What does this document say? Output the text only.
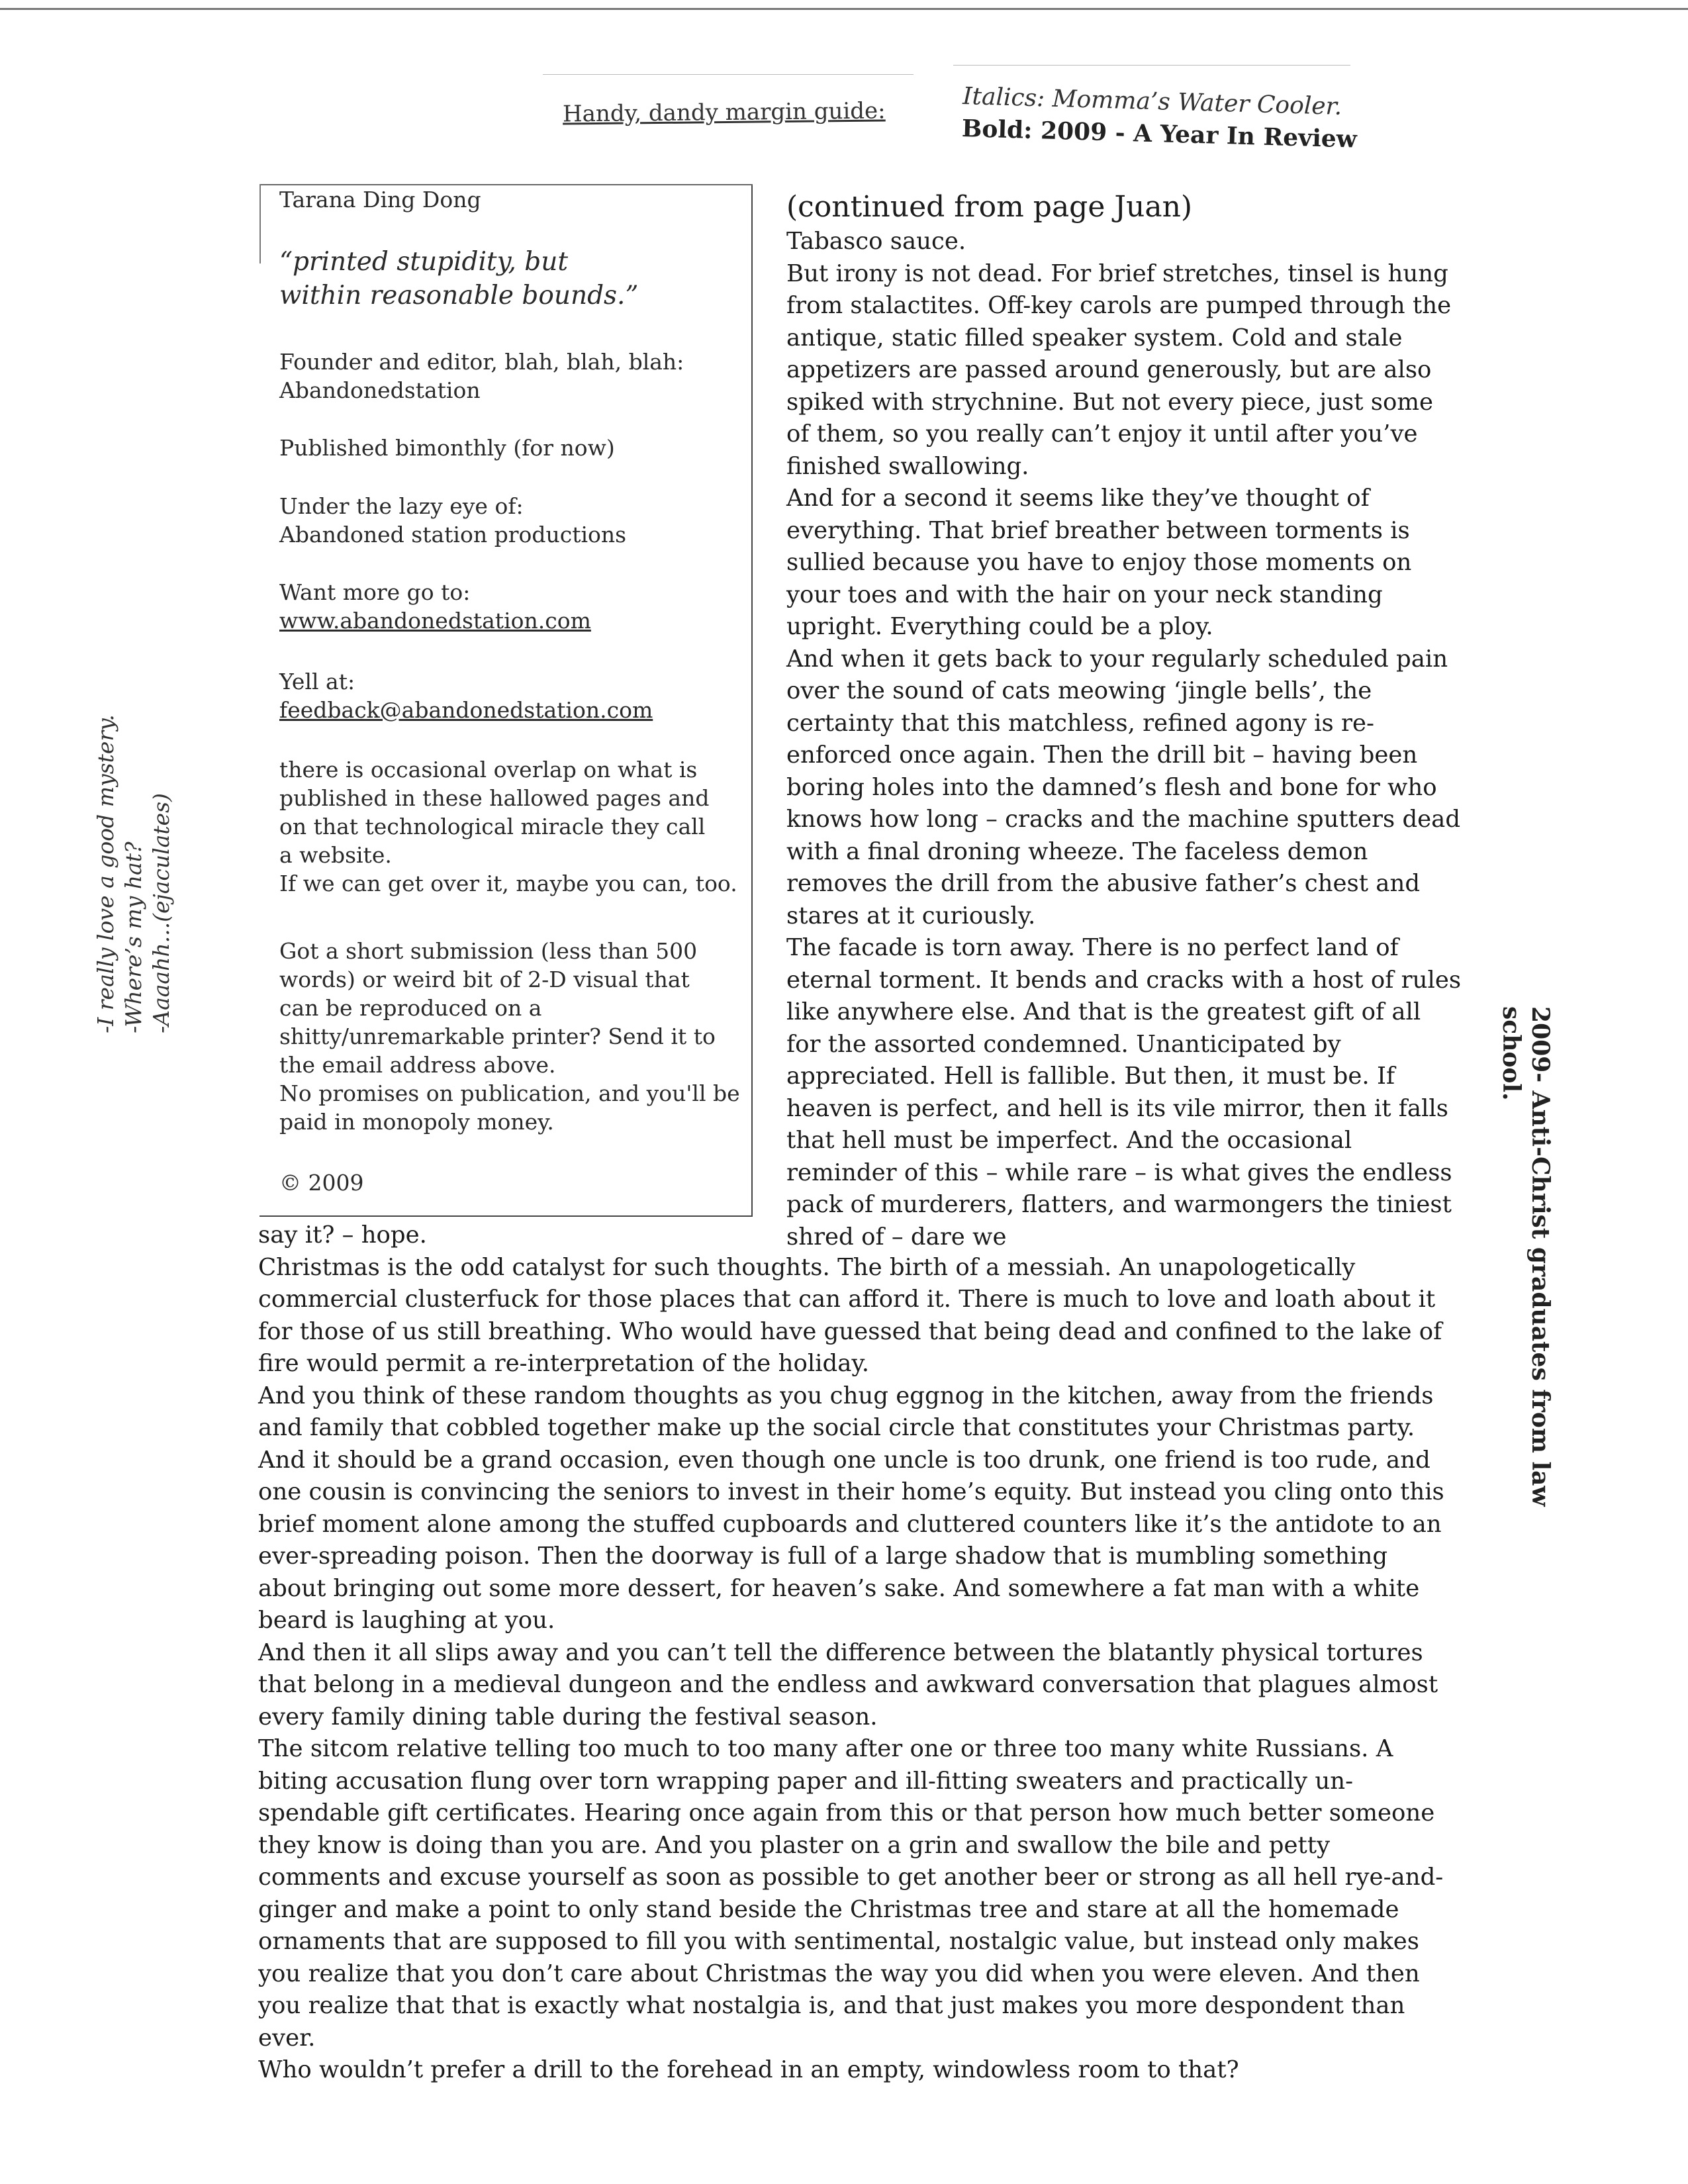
Handy, dandy margin guide:	Italics: Momma’s Water Cooler.
Bold: 2009 - A Year In Review

Tarana Ding Dong

“printed stupidity, but
within reasonable bounds.”
Founder and editor, blah, blah, blah:
Abandonedstation

Published bimonthly (for now)

Under the lazy eye of:
Abandoned station productions
Want more go to:
www.abandonedstation.com
Yell at:
feedback@abandonedstation.com
there is occasional overlap on what is
published in these hallowed pages and
on that technological miracle they call
a website.
If we can get over it, maybe you can, too.
Got a short submission (less than 500
words) or weird bit of 2-D visual that
can be reproduced on a
shitty/unremarkable printer? Send it to
the email address above.
No promises on publication, and you'll be
paid in monopoly money.

© 2009

(continued from page Juan)

Tabasco sauce.

But irony is not dead. For brief stretches, tinsel is hung from stalactites. Off-key carols are pumped through the antique, static filled speaker system. Cold and stale appetizers are passed around generously, but are also spiked with strychnine. But not every piece, just some of them, so you really can’t enjoy it until after you’ve finished swallowing.

And for a second it seems like they’ve thought of everything. That brief breather between torments is sullied because you have to enjoy those moments on your toes and with the hair on your neck standing upright. Everything could be a ploy.

And when it gets back to your regularly scheduled pain over the sound of cats meowing ‘jingle bells’, the certainty that this matchless, refined agony is re-enforced once again. Then the drill bit – having been boring holes into the damned’s flesh and bone for who knows how long – cracks and the machine sputters dead with a final droning wheeze. The faceless demon removes the drill from the abusive father’s chest and stares at it curiously.

The facade is torn away. There is no perfect land of eternal torment. It bends and cracks with a host of rules like anywhere else. And that is the greatest gift of all for the assorted condemned. Unanticipated by appreciated. Hell is fallible. But then, it must be. If heaven is perfect, and hell is its vile mirror, then it falls that hell must be imperfect. And the occasional reminder of this – while rare – is what gives the endless pack of murderers, flatters, and warmongers the tiniest shred of – dare we

say it? – hope.

Christmas is the odd catalyst for such thoughts. The birth of a messiah. An unapologetically commercial clusterfuck for those places that can afford it. There is much to love and loath about it for those of us still breathing. Who would have guessed that being dead and confined to the lake of fire would permit a re-interpretation of the holiday.

And you think of these random thoughts as you chug eggnog in the kitchen, away from the friends and family that cobbled together make up the social circle that constitutes your Christmas party. And it should be a grand occasion, even though one uncle is too drunk, one friend is too rude, and one cousin is convincing the seniors to invest in their home’s equity. But instead you cling onto this brief moment alone among the stuffed cupboards and cluttered counters like it’s the antidote to an ever-spreading poison. Then the doorway is full of a large shadow that is mumbling something about bringing out some more dessert, for heaven’s sake. And somewhere a fat man with a white beard is laughing at you.

And then it all slips away and you can’t tell the difference between the blatantly physical tortures that belong in a medieval dungeon and the endless and awkward conversation that plagues almost every family dining table during the festival season.

The sitcom relative telling too much to too many after one or three too many white Russians. A biting accusation flung over torn wrapping paper and ill-fitting sweaters and practically un-spendable gift certificates. Hearing once again from this or that person how much better someone they know is doing than you are. And you plaster on a grin and swallow the bile and petty comments and excuse yourself as soon as possible to get another beer or strong as all hell rye-and-ginger and make a point to only stand beside the Christmas tree and stare at all the homemade ornaments that are supposed to fill you with sentimental, nostalgic value, but instead only makes you realize that you don’t care about Christmas the way you did when you were eleven. And then you realize that that is exactly what nostalgia is, and that just makes you more despondent than ever.

Who wouldn’t prefer a drill to the forehead in an empty, windowless room to that?

-I really love a good mystery. -Where’s my hat? -Aaaahh...(ejaculates)
2009- Anti-Christ graduates from law school.
